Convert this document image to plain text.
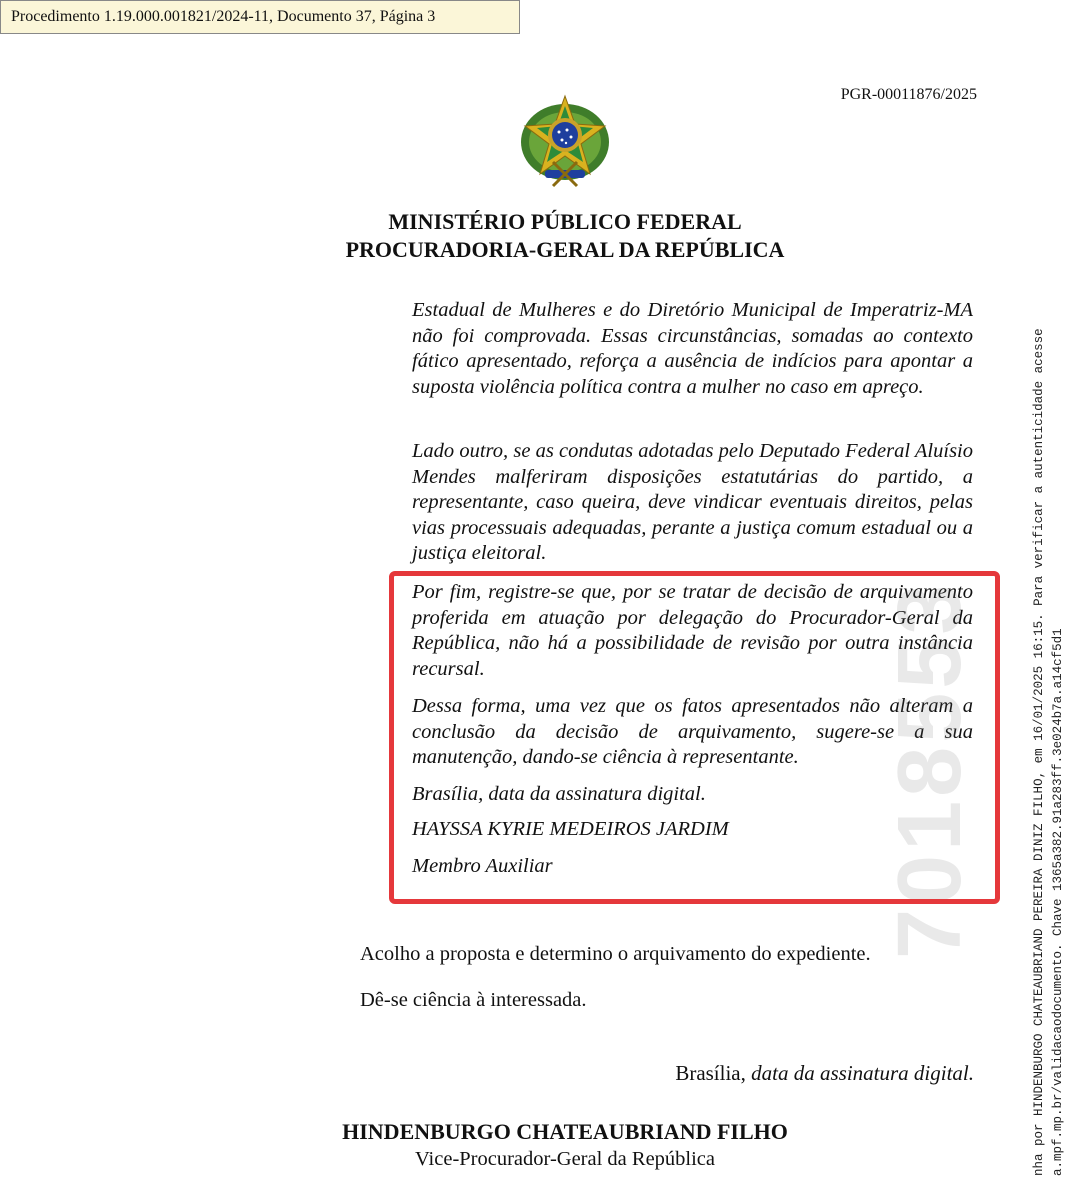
Procedimento 1.19.000.001821/2024-11, Documento 37, Página 3
PGR-00011876/2025
MINISTÉRIO PÚBLICO FEDERAL
PROCURADORIA-GERAL DA REPÚBLICA
Estadual de Mulheres e do Diretório Municipal de Imperatriz-MA não foi comprovada. Essas circunstâncias, somadas ao contexto fático apresentado, reforça a ausência de indícios para apontar a suposta violência política contra a mulher no caso em apreço.
Lado outro, se as condutas adotadas pelo Deputado Federal Aluísio Mendes malferiram disposições estatutárias do partido, a representante, caso queira, deve vindicar eventuais direitos, pelas vias processuais adequadas, perante a justiça comum estadual ou a justiça eleitoral.
Por fim, registre-se que, por se tratar de decisão de arquivamento proferida em atuação por delegação do Procurador-Geral da República, não há a possibilidade de revisão por outra instância recursal.
Dessa forma, uma vez que os fatos apresentados não alteram a conclusão da decisão de arquivamento, sugere-se a sua manutenção, dando-se ciência à representante.
Brasília, data da assinatura digital.
HAYSSA KYRIE MEDEIROS JARDIM
Membro Auxiliar	7018553
Acolho a proposta e determino o arquivamento do expediente.
Dê-se ciência à interessada.
Brasília, data da assinatura digital.
HINDENBURGO CHATEAUBRIAND FILHO
Vice-Procurador-Geral da República	nha por HINDENBURGO CHATEAUBRIAND PEREIRA DINIZ FILHO, em 16/01/2025 16:15. Para verificar a autenticidade acesse a.mpf.mp.br/validacaodocumento. Chave 1365a382.91a283ff.3e024b7a.a14cf5d1
